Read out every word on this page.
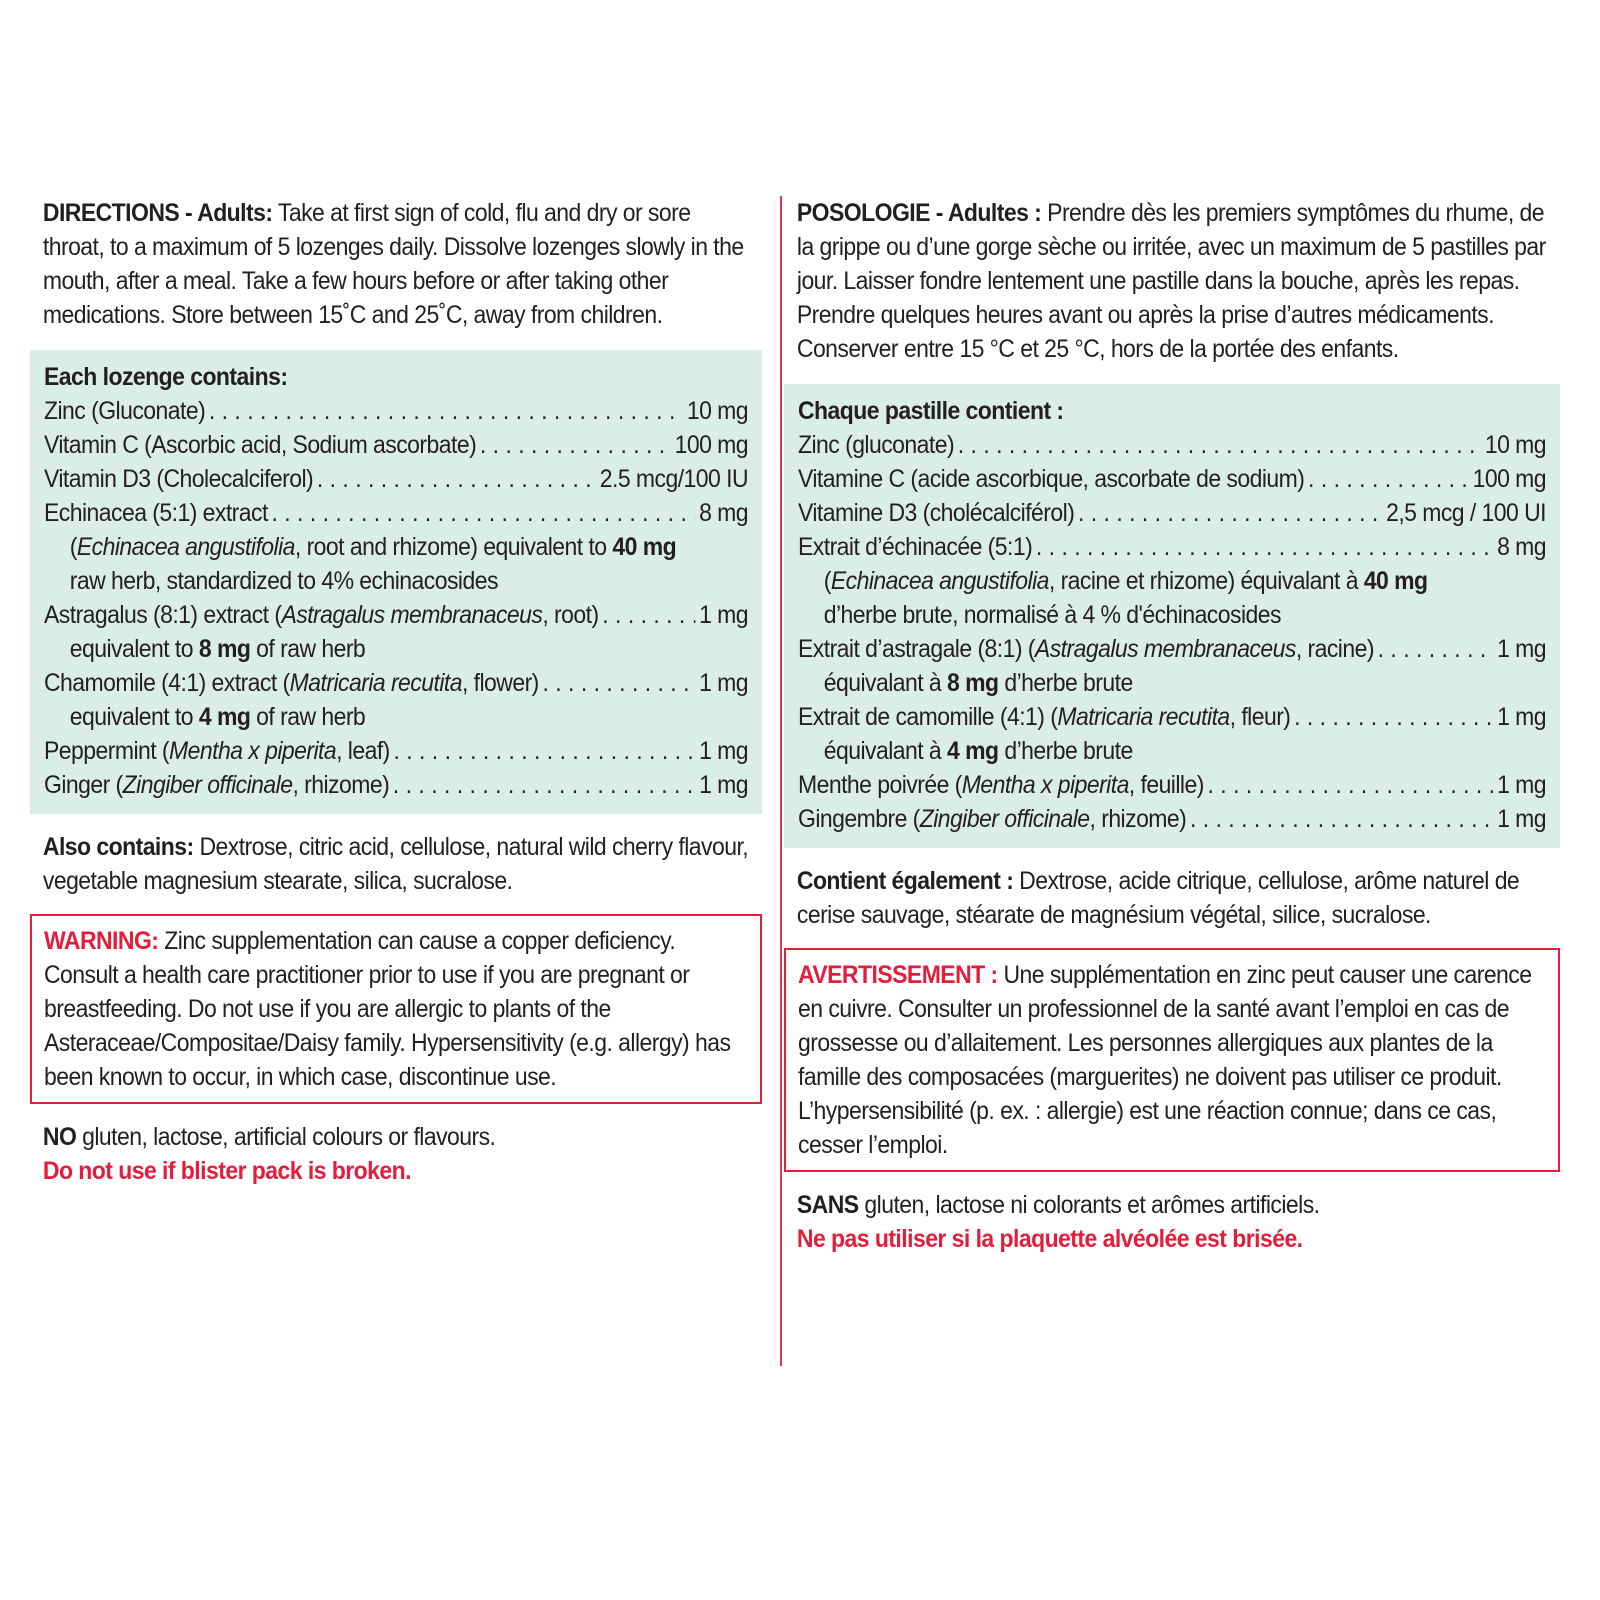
DIRECTIONS - Adults: Take at first sign of cold, flu and dry or sore throat, to a maximum of 5 lozenges daily. Dissolve lozenges slowly in the mouth, after a meal. Take a few hours before or after taking other medications. Store between 15˚C and 25˚C, away from children.
Each lozenge contains:
Zinc (Gluconate) . . .	10 mg
Vitamin C (Ascorbic acid, Sodium ascorbate) . . .	100 mg
Vitamin D3 (Cholecalciferol) . . .	2.5 mcg/100 IU
Echinacea (5:1) extract . . .	8 mg
(Echinacea angustifolia, root and rhizome) equivalent to 40 mg
raw herb, standardized to 4% echinacosides
Astragalus (8:1) extract (Astragalus membranaceus, root) . . .	1 mg
equivalent to 8 mg of raw herb
Chamomile (4:1) extract (Matricaria recutita, flower) . . .	1 mg
equivalent to 4 mg of raw herb
Peppermint (Mentha x piperita, leaf) . . .	1 mg
Ginger (Zingiber officinale, rhizome) . . .	1 mg
Also contains: Dextrose, citric acid, cellulose, natural wild cherry flavour, vegetable magnesium stearate, silica, sucralose.
WARNING: Zinc supplementation can cause a copper deficiency. Consult a health care practitioner prior to use if you are pregnant or breastfeeding. Do not use if you are allergic to plants of the Asteraceae/Compositae/Daisy family. Hypersensitivity (e.g. allergy) has been known to occur, in which case, discontinue use.
NO gluten, lactose, artificial colours or flavours.
Do not use if blister pack is broken.
POSOLOGIE - Adultes : Prendre dès les premiers symptômes du rhume, de la grippe ou d’une gorge sèche ou irritée, avec un maximum de 5 pastilles par jour. Laisser fondre lentement une pastille dans la bouche, après les repas. Prendre quelques heures avant ou après la prise d’autres médicaments. Conserver entre 15 °C et 25 °C, hors de la portée des enfants.
Chaque pastille contient :
Zinc (gluconate) . . .	10 mg
Vitamine C (acide ascorbique, ascorbate de sodium) . . .	100 mg
Vitamine D3 (cholécalciférol) . . .	2,5 mcg / 100 UI
Extrait d’échinacée (5:1) . . .	8 mg
(Echinacea angustifolia, racine et rhizome) équivalant à 40 mg
d’herbe brute, normalisé à 4 % d'échinacosides
Extrait d’astragale (8:1) (Astragalus membranaceus, racine) . . .	1 mg
équivalant à 8 mg d’herbe brute
Extrait de camomille (4:1) (Matricaria recutita, fleur) . . .	1 mg
équivalant à 4 mg d’herbe brute
Menthe poivrée (Mentha x piperita, feuille) . . .	1 mg
Gingembre (Zingiber officinale, rhizome) . . .	1 mg
Contient également : Dextrose, acide citrique, cellulose, arôme naturel de cerise sauvage, stéarate de magnésium végétal, silice, sucralose.
AVERTISSEMENT : Une supplémentation en zinc peut causer une carence en cuivre. Consulter un professionnel de la santé avant l’emploi en cas de grossesse ou d’allaitement. Les personnes allergiques aux plantes de la famille des composacées (marguerites) ne doivent pas utiliser ce produit. L’hypersensibilité (p. ex. : allergie) est une réaction connue; dans ce cas, cesser l’emploi.
SANS gluten, lactose ni colorants et arômes artificiels.
Ne pas utiliser si la plaquette alvéolée est brisée.
